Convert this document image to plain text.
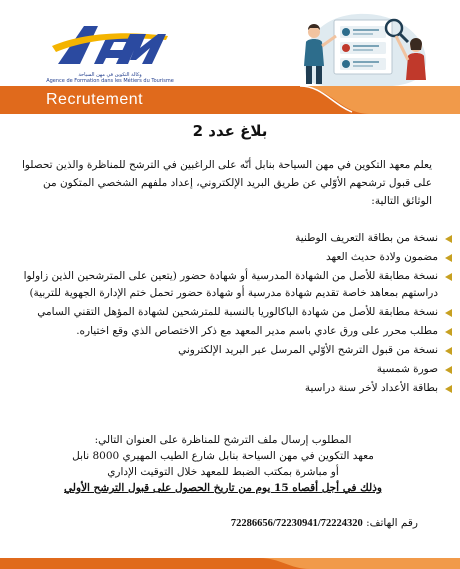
AFMT
وكالة التكوين في مهن السياحة
Agence de Formation dans les Métiers du Tourisme
Recrutement
بلاغ عدد 2

يعلم معهد التكوين في مهن السياحة بنابل أنّه على الراغبين في الترشح للمناظرة والذين تحصلوا على قبول ترشحهم الأوّلي عن طريق البريد الإلكتروني، إعداد ملفهم الشخصي المتكون من الوثائق التالية:

نسخة من بطاقة التعريف الوطنية
مضمون ولادة حديث العهد
نسخة مطابقة للأصل من الشهادة المدرسية أو شهادة حضور (يتعين على المترشحين الذين زاولوا دراستهم بمعاهد خاصة تقديم شهادة مدرسية أو شهادة حضور تحمل ختم الإدارة الجهوية للتربية)
نسخة مطابقة للأصل من شهادة الباكالوريا بالنسبة للمترشحين لشهادة المؤهل التقني السامي
مطلب محرر على ورق عادي باسم مدير المعهد مع ذكر الاختصاص الذي وقع اختياره.
نسخة من قبول الترشح الأوّلي المرسل عبر البريد الإلكتروني
صورة شمسية
بطاقة الأعداد لأخر سنة دراسية
المطلوب إرسال ملف الترشح للمناظرة على العنوان التالي:
معهد التكوين في مهن السياحة بنابل شارع الطيب المهيري 8000 نابل
أو مباشرة بمكتب الضبط للمعهد خلال التوقيت الإداري
وذلك في أجل أقصاه 15 يوم من تاريخ الحصول على قبول الترشح الأولي
رقم الهاتف: 72286656/72230941/72224320
